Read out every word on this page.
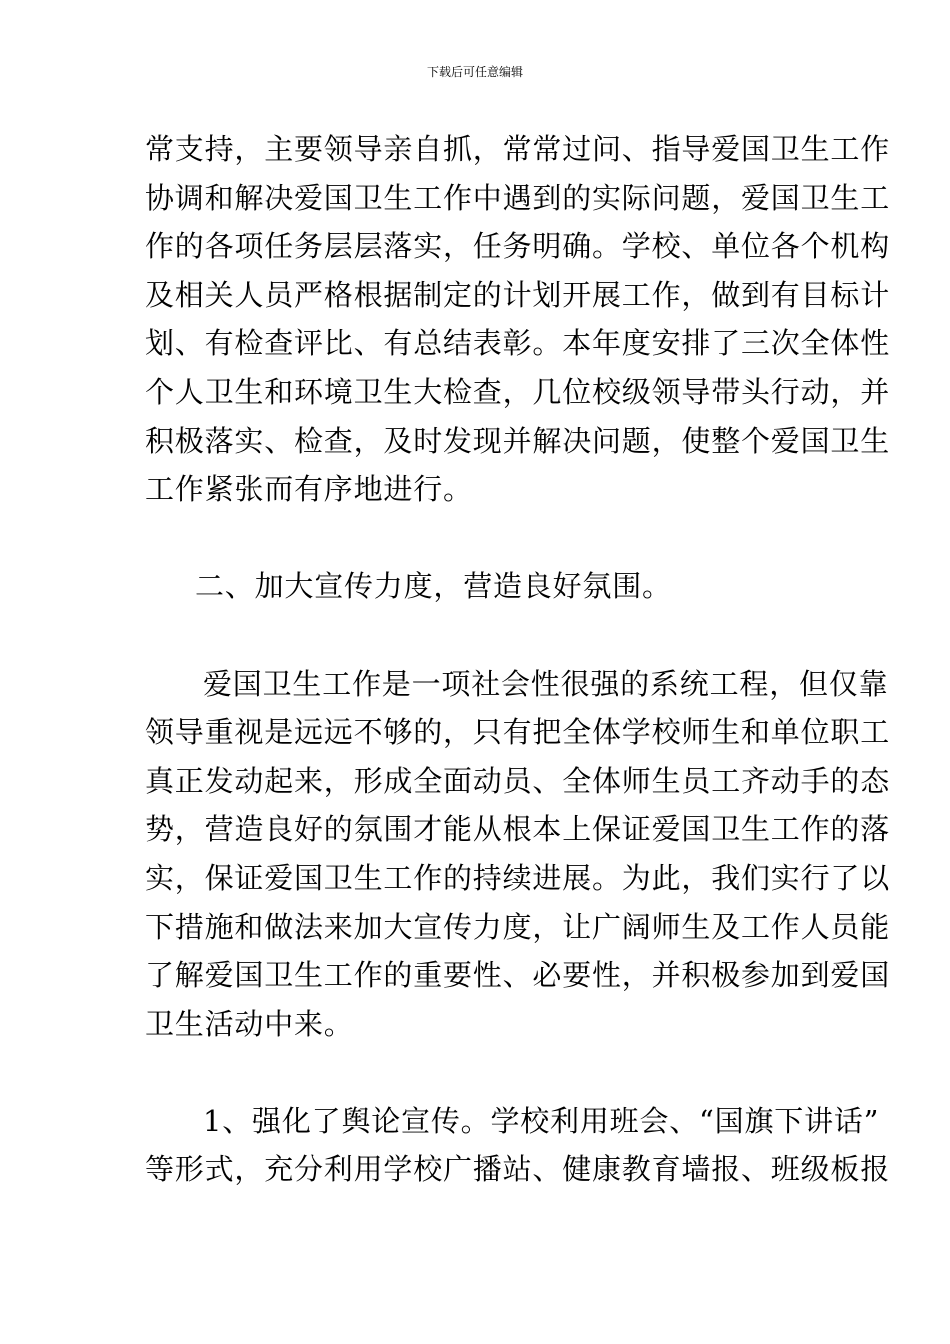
下载后可任意编辑
常支持，主要领导亲自抓，常常过问、指导爱国卫生工作
协调和解决爱国卫生工作中遇到的实际问题，爱国卫生工
作的各项任务层层落实，任务明确。学校、单位各个机构
及相关人员严格根据制定的计划开展工作，做到有目标计
划、有检查评比、有总结表彰。本年度安排了三次全体性
个人卫生和环境卫生大检查，几位校级领导带头行动，并
积极落实、检查，及时发现并解决问题，使整个爱国卫生
工作紧张而有序地进行。
二、加大宣传力度，营造良好氛围。
爱国卫生工作是一项社会性很强的系统工程，但仅靠
领导重视是远远不够的，只有把全体学校师生和单位职工
真正发动起来，形成全面动员、全体师生员工齐动手的态
势，营造良好的氛围才能从根本上保证爱国卫生工作的落
实，保证爱国卫生工作的持续进展。为此，我们实行了以
下措施和做法来加大宣传力度，让广阔师生及工作人员能
了解爱国卫生工作的重要性、必要性，并积极参加到爱国
卫生活动中来。
1、强化了舆论宣传。学校利用班会、“国旗下讲话”
等形式，充分利用学校广播站、健康教育墙报、班级板报
